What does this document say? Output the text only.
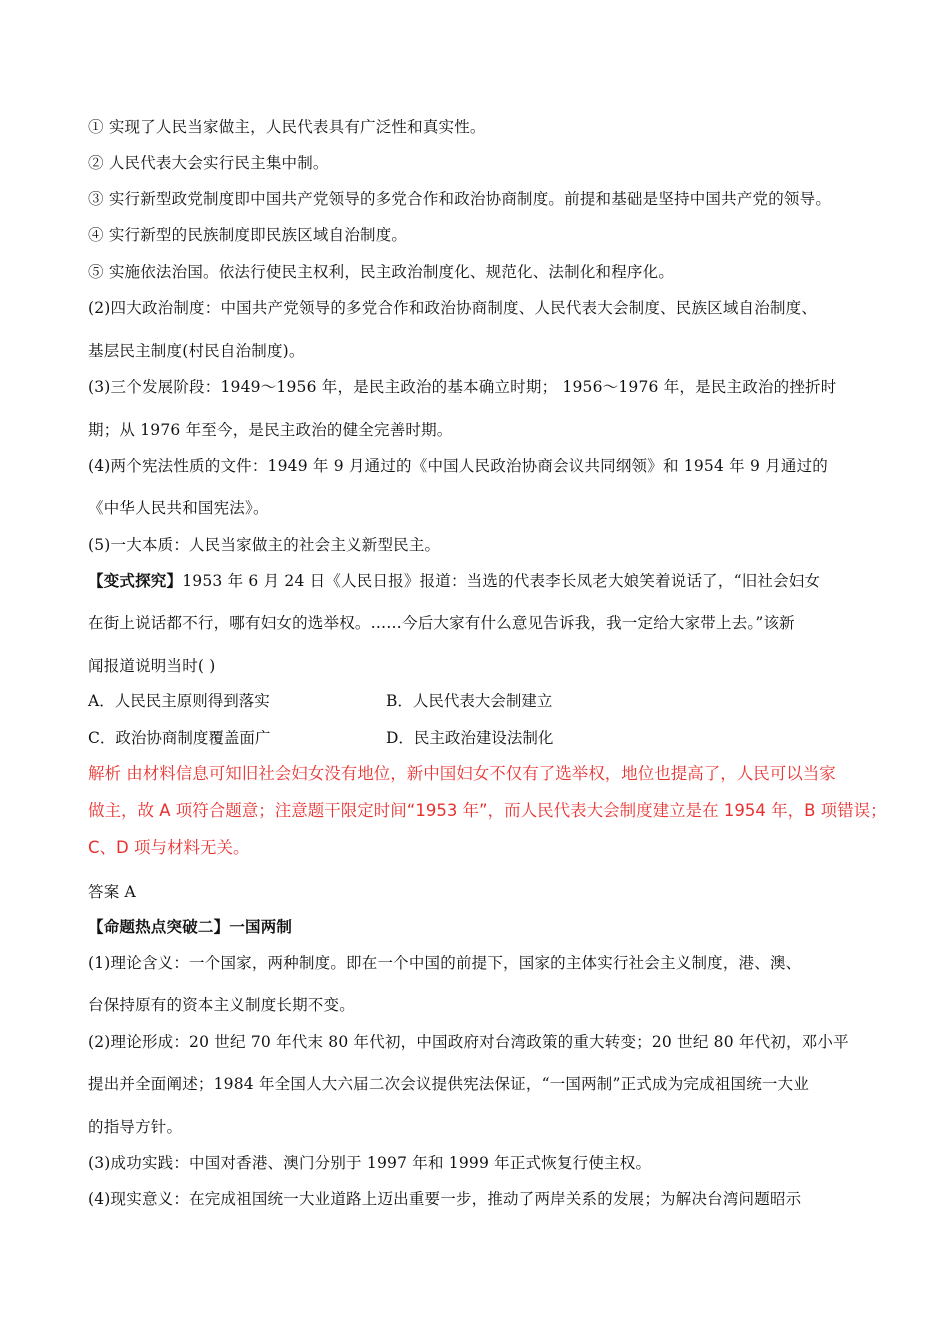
① 实现了人民当家做主，人民代表具有广泛性和真实性。
② 人民代表大会实行民主集中制。
③ 实行新型政党制度即中国共产党领导的多党合作和政治协商制度。前提和基础是坚持中国共产党的领导。
④ 实行新型的民族制度即民族区域自治制度。
⑤ 实施依法治国。依法行使民主权利，民主政治制度化、规范化、法制化和程序化。
(2)四大政治制度：中国共产党领导的多党合作和政治协商制度、人民代表大会制度、民族区域自治制度、
基层民主制度(村民自治制度)。
(3)三个发展阶段：1949～1956 年，是民主政治的基本确立时期； 1956～1976 年，是民主政治的挫折时
期；从 1976 年至今，是民主政治的健全完善时期。
(4)两个宪法性质的文件：1949 年 9 月通过的《中国人民政治协商会议共同纲领》和 1954 年 9 月通过的
《中华人民共和国宪法》。
(5)一大本质：人民当家做主的社会主义新型民主。
【变式探究】1953 年 6 月 24 日《人民日报》报道：当选的代表李长凤老大娘笑着说话了，“旧社会妇女
在街上说话都不行，哪有妇女的选举权。……今后大家有什么意见告诉我，我一定给大家带上去。”该新
闻报道说明当时( )
A．人民民主原则得到落实	B．人民代表大会制建立
C．政治协商制度覆盖面广	D．民主政治建设法制化
解析 由材料信息可知旧社会妇女没有地位，新中国妇女不仅有了选举权，地位也提高了，人民可以当家
做主，故 A 项符合题意；注意题干限定时间“1953 年”，而人民代表大会制度建立是在 1954 年，B 项错误；
C、D 项与材料无关。
答案 A
【命题热点突破二】一国两制
(1)理论含义：一个国家，两种制度。即在一个中国的前提下，国家的主体实行社会主义制度，港、澳、
台保持原有的资本主义制度长期不变。
(2)理论形成：20 世纪 70 年代末 80 年代初，中国政府对台湾政策的重大转变；20 世纪 80 年代初，邓小平
提出并全面阐述；1984 年全国人大六届二次会议提供宪法保证，“一国两制”正式成为完成祖国统一大业
的指导方针。
(3)成功实践：中国对香港、澳门分别于 1997 年和 1999 年正式恢复行使主权。
(4)现实意义：在完成祖国统一大业道路上迈出重要一步，推动了两岸关系的发展；为解决台湾问题昭示
